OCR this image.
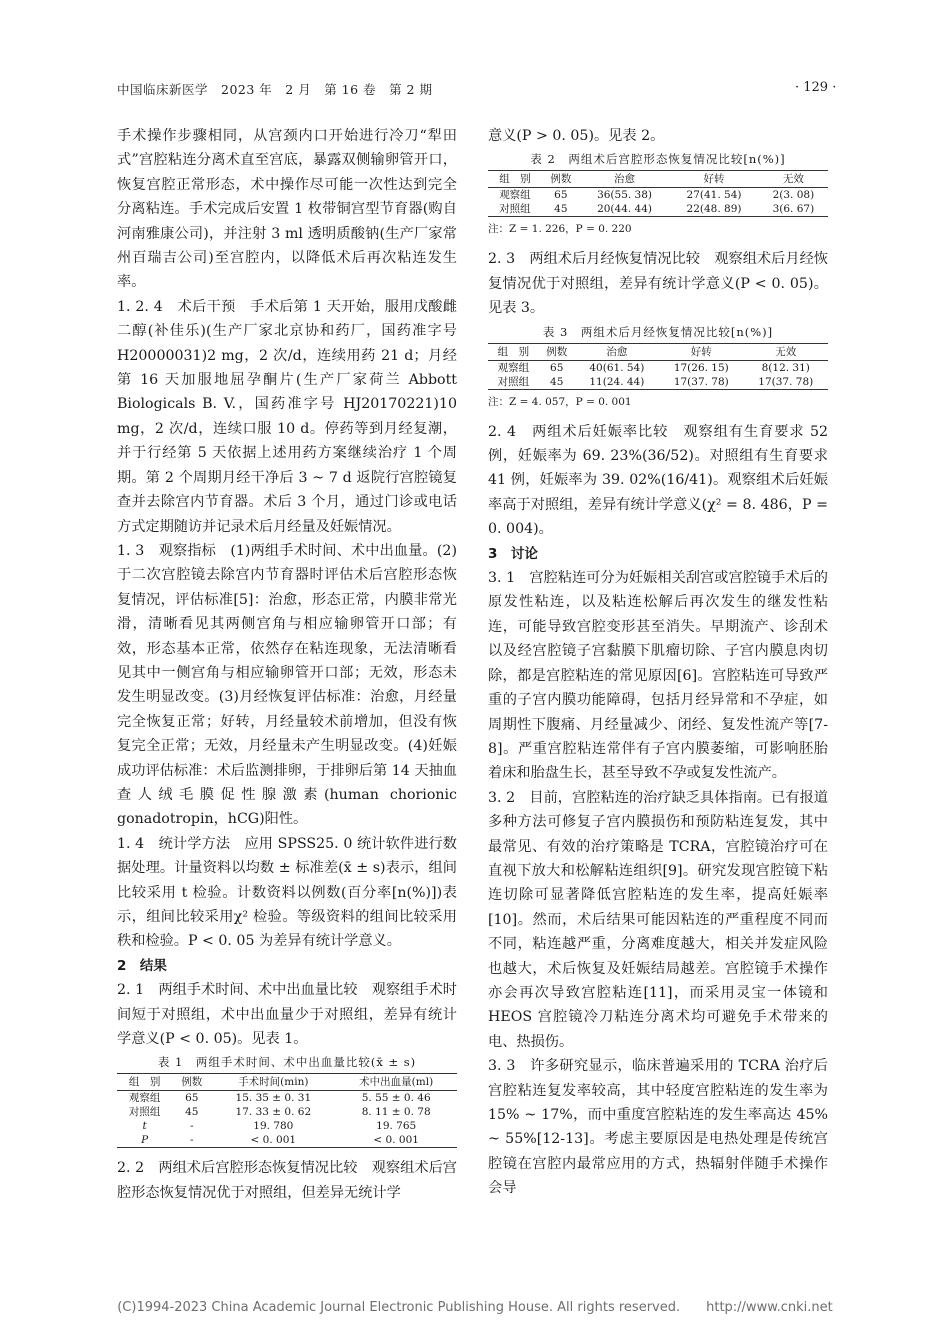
中国临床新医学　2023 年　2 月　第 16 卷　第 2 期	· 129 ·

手术操作步骤相同，从宫颈内口开始进行冷刀“犁田式”宫腔粘连分离术直至宫底，暴露双侧输卵管开口，恢复宫腔正常形态，术中操作尽可能一次性达到完全分离粘连。手术完成后安置 1 枚带铜宫型节育器(购自河南雅康公司)，并注射 3 ml 透明质酸钠(生产厂家常州百瑞吉公司)至宫腔内，以降低术后再次粘连发生率。

1. 2. 4　术后干预　手术后第 1 天开始，服用戊酸雌二醇(补佳乐)(生产厂家北京协和药厂，国药准字号 H20000031)2 mg，2 次/d，连续用药 21 d；月经第 16 天加服地屈孕酮片(生产厂家荷兰 Abbott Biologicals B. V.，国药准字号 HJ20170221)10 mg，2 次/d，连续口服 10 d。停药等到月经复潮，并于行经第 5 天依据上述用药方案继续治疗 1 个周期。第 2 个周期月经干净后 3 ~ 7 d 返院行宫腔镜复查并去除宫内节育器。术后 3 个月，通过门诊或电话方式定期随访并记录术后月经量及妊娠情况。

1. 3　观察指标　(1)两组手术时间、术中出血量。(2)于二次宫腔镜去除宫内节育器时评估术后宫腔形态恢复情况，评估标准[5]：治愈，形态正常，内膜非常光滑，清晰看见其两侧宫角与相应输卵管开口部；有效，形态基本正常，依然存在粘连现象，无法清晰看见其中一侧宫角与相应输卵管开口部；无效，形态未发生明显改变。(3)月经恢复评估标准：治愈，月经量完全恢复正常；好转，月经量较术前增加，但没有恢复完全正常；无效，月经量未产生明显改变。(4)妊娠成功评估标准：术后监测排卵，于排卵后第 14 天抽血查人绒毛膜促性腺激素(human chorionic gonadotropin，hCG)阳性。

1. 4　统计学方法　应用 SPSS25. 0 统计软件进行数据处理。计量资料以均数 ± 标准差(x̄ ± s)表示，组间比较采用 t 检验。计数资料以例数(百分率[n(%)])表示，组间比较采用χ² 检验。等级资料的组间比较采用秩和检验。P < 0. 05 为差异有统计学意义。

2　结果

2. 1　两组手术时间、术中出血量比较　观察组手术时间短于对照组，术中出血量少于对照组，差异有统计学意义(P < 0. 05)。见表 1。

表 1　两组手术时间、术中出血量比较(x̄ ± s)
组　别	例数	手术时间(min)	术中出血量(ml)
观察组	65	15. 35 ± 0. 31	5. 55 ± 0. 46
对照组	45	17. 33 ± 0. 62	8. 11 ± 0. 78
t	-	19. 780	19. 765
P	-	< 0. 001	< 0. 001

2. 2　两组术后宫腔形态恢复情况比较　观察组术后宫腔形态恢复情况优于对照组，但差异无统计学

意义(P > 0. 05)。见表 2。

表 2　两组术后宫腔形态恢复情况比较[n(%)]
组　别	例数	治愈	好转	无效
观察组	65	36(55. 38)	27(41. 54)	2(3. 08)
对照组	45	20(44. 44)	22(48. 89)	3(6. 67)
注：Z = 1. 226，P = 0. 220

2. 3　两组术后月经恢复情况比较　观察组术后月经恢复情况优于对照组，差异有统计学意义(P < 0. 05)。见表 3。

表 3　两组术后月经恢复情况比较[n(%)]
组　别	例数	治愈	好转	无效
观察组	65	40(61. 54)	17(26. 15)	8(12. 31)
对照组	45	11(24. 44)	17(37. 78)	17(37. 78)
注：Z = 4. 057，P = 0. 001

2. 4　两组术后妊娠率比较　观察组有生育要求 52 例，妊娠率为 69. 23%(36/52)。对照组有生育要求 41 例，妊娠率为 39. 02%(16/41)。观察组术后妊娠率高于对照组，差异有统计学意义(χ² = 8. 486，P = 0. 004)。

3　讨论

3. 1　宫腔粘连可分为妊娠相关刮宫或宫腔镜手术后的原发性粘连，以及粘连松解后再次发生的继发性粘连，可能导致宫腔变形甚至消失。早期流产、诊刮术以及经宫腔镜子宫黏膜下肌瘤切除、子宫内膜息肉切除，都是宫腔粘连的常见原因[6]。宫腔粘连可导致严重的子宫内膜功能障碍，包括月经异常和不孕症，如周期性下腹痛、月经量减少、闭经、复发性流产等[7-8]。严重宫腔粘连常伴有子宫内膜萎缩，可影响胚胎着床和胎盘生长，甚至导致不孕或复发性流产。

3. 2　目前，宫腔粘连的治疗缺乏具体指南。已有报道多种方法可修复子宫内膜损伤和预防粘连复发，其中最常见、有效的治疗策略是 TCRA，宫腔镜治疗可在直视下放大和松解粘连组织[9]。研究发现宫腔镜下粘连切除可显著降低宫腔粘连的发生率，提高妊娠率[10]。然而，术后结果可能因粘连的严重程度不同而不同，粘连越严重，分离难度越大，相关并发症风险也越大，术后恢复及妊娠结局越差。宫腔镜手术操作亦会再次导致宫腔粘连[11]，而采用灵宝一体镜和 HEOS 宫腔镜冷刀粘连分离术均可避免手术带来的电、热损伤。

3. 3　许多研究显示，临床普遍采用的 TCRA 治疗后宫腔粘连复发率较高，其中轻度宫腔粘连的发生率为 15% ~ 17%，而中重度宫腔粘连的发生率高达 45% ~ 55%[12-13]。考虑主要原因是电热处理是传统宫腔镜在宫腔内最常应用的方式，热辐射伴随手术操作会导

(C)1994-2023 China Academic Journal Electronic Publishing House. All rights reserved.　　http://www.cnki.net
